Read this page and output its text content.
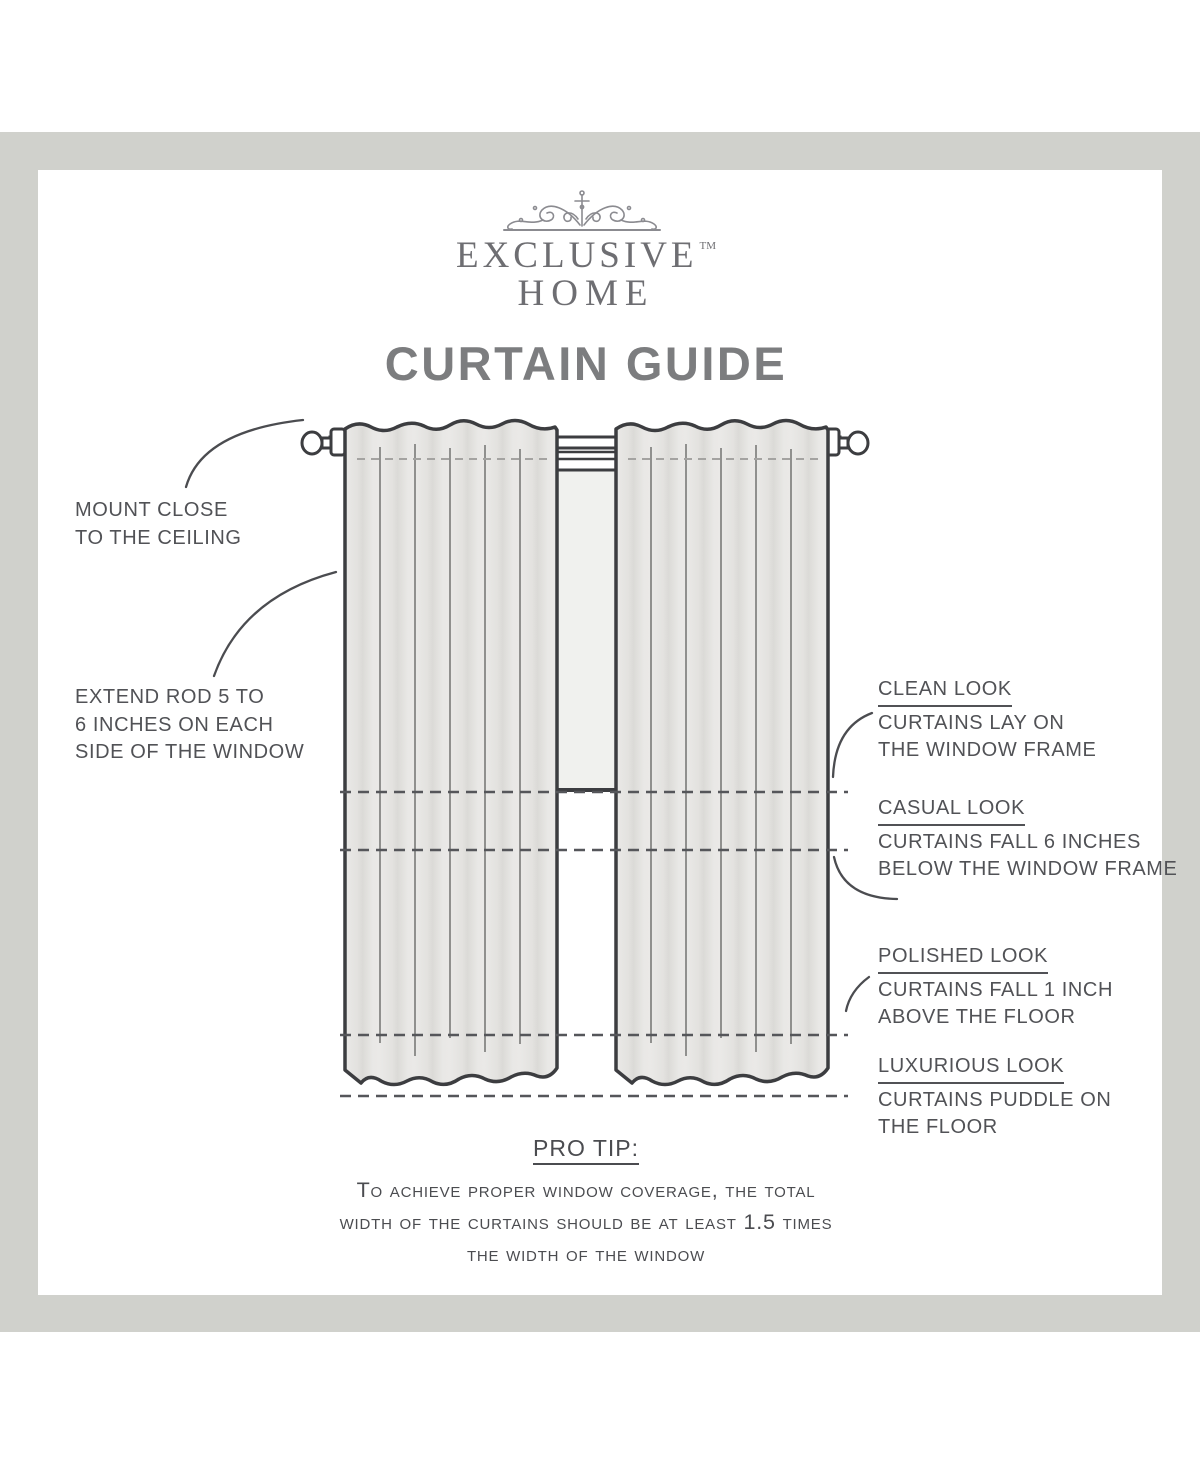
EXCLUSIVE ™
HOME
CURTAIN GUIDE
MOUNT CLOSE
TO THE CEILING
EXTEND ROD 5 TO
6 INCHES ON EACH
SIDE OF THE WINDOW
CLEAN LOOK
CURTAINS LAY ON
THE WINDOW FRAME
CASUAL LOOK
CURTAINS FALL 6 INCHES
BELOW THE WINDOW FRAME
POLISHED LOOK
CURTAINS FALL 1 INCH
ABOVE THE FLOOR
LUXURIOUS LOOK
CURTAINS PUDDLE ON
THE FLOOR
PRO TIP:
To achieve proper window coverage, the total
width of the curtains should be at least 1.5 times
the width of the window
